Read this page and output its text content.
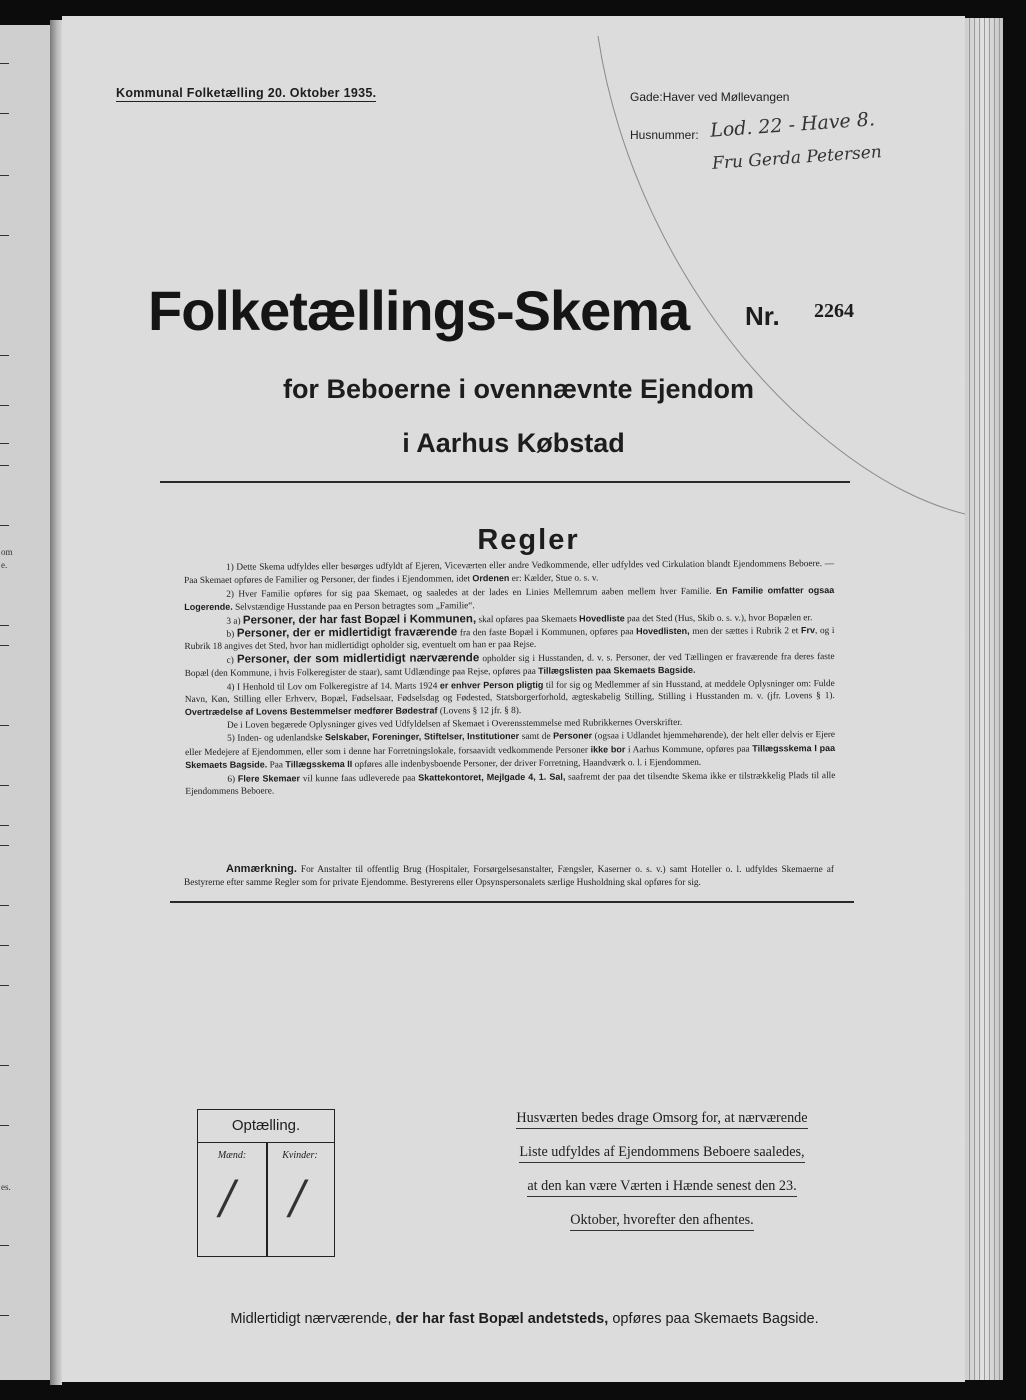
om
e.
es.
Kommunal Folketælling 20. Oktober 1935.	Gade:Haver ved Møllevangen
Husnummer: Lod. 22 - Have 8.
Fru Gerda Petersen
Folketællings-Skema Nr. 2264
for Beboerne i ovennævnte Ejendom
i Aarhus Købstad
Regler

1) Dette Skema udfyldes eller besørges udfyldt af Ejeren, Viceværten eller andre Vedkommende, eller udfyldes ved Cirkulation blandt Ejendommens Beboere. — Paa Skemaet opføres de Familier og Personer, der findes i Ejendommen, idet Ordenen er: Kælder, Stue o. s. v.

2) Hver Familie opføres for sig paa Skemaet, og saaledes at der lades en Linies Mellemrum aaben mellem hver Familie. En Familie omfatter ogsaa Logerende. Selvstændige Husstande paa en Person betragtes som „Familie“.

3 a) Personer, der har fast Bopæl i Kommunen, skal opføres paa Skemaets Hovedliste paa det Sted (Hus, Skib o. s. v.), hvor Bopælen er.

b) Personer, der er midlertidigt fraværende fra den faste Bopæl i Kommunen, opføres paa Hovedlisten, men der sættes i Rubrik 2 et Frv, og i Rubrik 18 angives det Sted, hvor han midlertidigt opholder sig, eventuelt om han er paa Rejse.

c) Personer, der som midlertidigt nærværende opholder sig i Husstanden, d. v. s. Personer, der ved Tællingen er fraværende fra deres faste Bopæl (den Kommune, i hvis Folkeregister de staar), samt Udlændinge paa Rejse, opføres paa Tillægslisten paa Skemaets Bagside.

4) I Henhold til Lov om Folkeregistre af 14. Marts 1924 er enhver Person pligtig til for sig og Medlemmer af sin Husstand, at meddele Oplysninger om: Fulde Navn, Køn, Stilling eller Erhverv, Bopæl, Fødselsaar, Fødselsdag og Fødested, Statsborgerforhold, ægteskabelig Stilling, Stilling i Husstanden m. v. (jfr. Lovens § 1). Overtrædelse af Lovens Bestemmelser medfører Bødestraf (Lovens § 12 jfr. § 8).

De i Loven begærede Oplysninger gives ved Udfyldelsen af Skemaet i Overensstemmelse med Rubrikkernes Overskrifter.

5) Inden- og udenlandske Selskaber, Foreninger, Stiftelser, Institutioner samt de Personer (ogsaa i Udlandet hjemmehørende), der helt eller delvis er Ejere eller Medejere af Ejendommen, eller som i denne har Forretningslokale, forsaavidt vedkommende Personer ikke bor i Aarhus Kommune, opføres paa Tillægsskema I paa Skemaets Bagside. Paa Tillægsskema II opføres alle indenbysboende Personer, der driver Forretning, Haandværk o. l. i Ejendommen.

6) Flere Skemaer vil kunne faas udleverede paa Skattekontoret, Mejlgade 4, 1. Sal, saafremt der paa det tilsendte Skema ikke er tilstrækkelig Plads til alle Ejendommens Beboere.

Anmærkning. For Anstalter til offentlig Brug (Hospitaler, Forsørgelsesanstalter, Fængsler, Kaserner o. s. v.) samt Hoteller o. l. udfyldes Skemaerne af Bestyrerne efter samme Regler som for private Ejendomme. Bestyrerens eller Opsynspersonalets særlige Husholdning skal opføres for sig.

Optælling.
Mænd:	Kvinder:
/ /
Husværten bedes drage Omsorg for, at nærværende
Liste udfyldes af Ejendommens Beboere saaledes,
at den kan være Værten i Hænde senest den 23.
Oktober, hvorefter den afhentes.
Midlertidigt nærværende, der har fast Bopæl andetsteds, opføres paa Skemaets Bagside.
